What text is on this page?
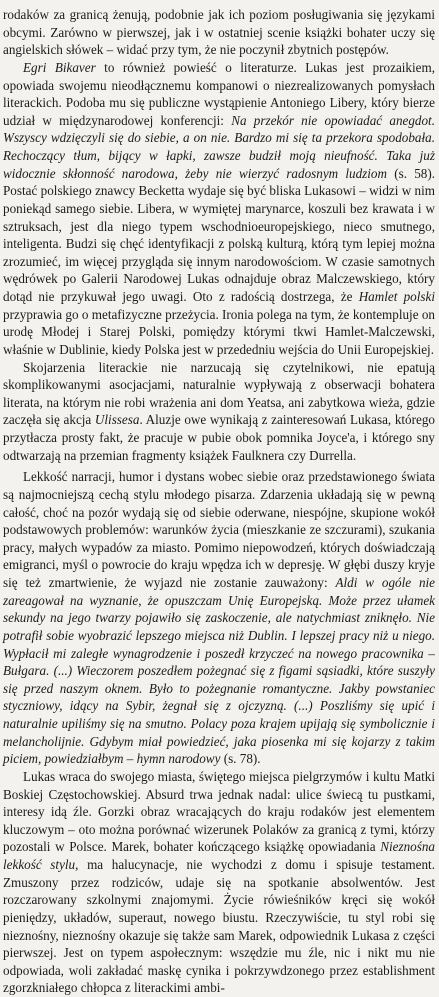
rodaków za granicą żenują, podobnie jak ich poziom posługiwania się językami obcymi. Zarówno w pierwszej, jak i w ostatniej scenie książki bohater uczy się angielskich słówek – widać przy tym, że nie poczynił zbytnich postępów.

Egri Bikaver to również powieść o literaturze. Lukas jest prozaikiem, opowiada swojemu nieodłącznemu kompanowi o niezrealizowanych pomysłach literackich. Podoba mu się publiczne wystąpienie Antoniego Libery, który bierze udział w międzynarodowej konferencji: Na przekór nie opowiadać anegdot. Wszyscy wdzięczyli się do siebie, a on nie. Bardzo mi się ta przekora spodobała. Rechoczący tłum, bijący w łapki, zawsze budził moją nieufność. Taka już widocznie skłonność narodowa, żeby nie wierzyć radosnym ludziom (s. 58). Postać polskiego znawcy Becketta wydaje się być bliska Lukasowi – widzi w nim poniekąd samego siebie. Libera, w wymiętej marynarce, koszuli bez krawata i w sztruksach, jest dla niego typem wschodnioeuropejskiego, nieco smutnego, inteligenta. Budzi się chęć identyfikacji z polską kulturą, którą tym lepiej można zrozumieć, im więcej przygląda się innym narodowościom. W czasie samotnych wędrówek po Galerii Narodowej Lukas odnajduje obraz Malczewskiego, który dotąd nie przykuwał jego uwagi. Oto z radością dostrzega, że Hamlet polski przyprawia go o metafizyczne przeżycia. Ironia polega na tym, że kontempluje on urodę Młodej i Starej Polski, pomiędzy którymi tkwi Hamlet-Malczewski, właśnie w Dublinie, kiedy Polska jest w przededniu wejścia do Unii Europejskiej.

Skojarzenia literackie nie narzucają się czytelnikowi, nie epatują skomplikowanymi asocjacjami, naturalnie wypływają z obserwacji bohatera literata, na którym nie robi wrażenia ani dom Yeatsa, ani zabytkowa wieża, gdzie zaczęła się akcja Ulissesa. Aluzje owe wynikają z zainteresowań Lukasa, którego przytłacza prosty fakt, że pracuje w pubie obok pomnika Joyce'a, i którego sny odtwarzają na przemian fragmenty książek Faulknera czy Durrella.

Lekkość narracji, humor i dystans wobec siebie oraz przedstawionego świata są najmocniejszą cechą stylu młodego pisarza. Zdarzenia układają się w pewną całość, choć na pozór wydają się od siebie oderwane, niespójne, skupione wokół podstawowych problemów: warunków życia (mieszkanie ze szczurami), szukania pracy, małych wypadów za miasto. Pomimo niepowodzeń, których doświadczają emigranci, myśl o powrocie do kraju wpędza ich w depresję. W głębi duszy kryje się też zmartwienie, że wyjazd nie zostanie zauważony: Aldi w ogóle nie zareagował na wyznanie, że opuszczam Unię Europejską. Może przez ułamek sekundy na jego twarzy pojawiło się zaskoczenie, ale natychmiast zniknęło. Nie potrafił sobie wyobrazić lepszego miejsca niż Dublin. I lepszej pracy niż u niego. Wypłacił mi zaległe wynagrodzenie i poszedł krzyczeć na nowego pracownika – Bułgara. (...) Wieczorem poszedłem pożegnać się z figami sąsiadki, które suszyły się przed naszym oknem. Było to pożegnanie romantyczne. Jakby powstaniec styczniowy, idący na Sybir, żegnał się z ojczyzną. (...) Poszliśmy się upić i naturalnie upiliśmy się na smutno. Polacy poza krajem upijają się symbolicznie i melancholijnie. Gdybym miał powiedzieć, jaka piosenka mi się kojarzy z takim piciem, powiedziałbym – hymn narodowy (s. 78).

Lukas wraca do swojego miasta, świętego miejsca pielgrzymów i kultu Matki Boskiej Częstochowskiej. Absurd trwa jednak nadal: ulice świecą tu pustkami, interesy idą źle. Gorzki obraz wracających do kraju rodaków jest elementem kluczowym – oto można porównać wizerunek Polaków za granicą z tymi, którzy pozostali w Polsce. Marek, bohater kończącego książkę opowiadania Nieznośna lekkość stylu, ma halucynacje, nie wychodzi z domu i spisuje testament. Zmuszony przez rodziców, udaje się na spotkanie absolwentów. Jest rozczarowany szkolnymi znajomymi. Życie rówieśników kręci się wokół pieniędzy, układów, superaut, nowego biustu. Rzeczywiście, tu styl robi się nieznośny, nieznośny okazuje się także sam Marek, odpowiednik Lukasa z części pierwszej. Jest on typem aspołecznym: wszędzie mu źle, nic i nikt mu nie odpowiada, woli zakładać maskę cynika i pokrzywdzonego przez establishment zgorzkniałego chłopca z literackimi ambi-
